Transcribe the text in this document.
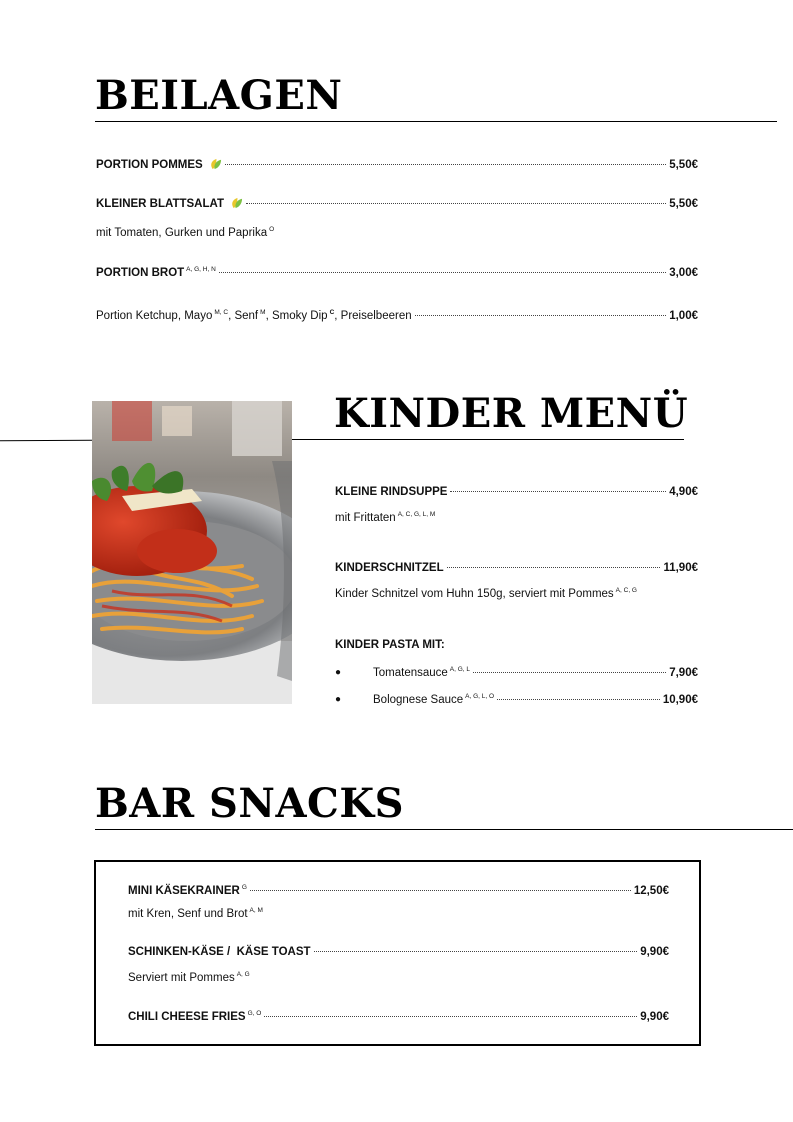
BEILAGEN
PORTION POMMES	5,50€
KLEINER BLATTSALAT	5,50€
mit Tomaten, Gurken und Paprika $^O$
PORTION BROT $^{A, G, H, N}$	3,00€
Portion Ketchup, Mayo $^{M, C}$, Senf $^M$, Smoky Dip $^C$, Preiselbeeren	1,00€
KINDER MENÜ
KLEINE RINDSUPPE	4,90€
mit Frittaten $^{A, C, G, L, M}$
KINDERSCHNITZEL	11,90€
Kinder Schnitzel vom Huhn 150g, serviert mit Pommes $^{A, C, G}$
KINDER PASTA MIT:
●	Tomatensauce $^{A, G, L}$	7,90€
●	Bolognese Sauce $^{A, G, L, O}$	10,90€
BAR SNACKS
MINI KÄSEKRAINER $^G$	12,50€
mit Kren, Senf und Brot $^{A, M}$
SCHINKEN-KÄSE /  KÄSE TOAST	9,90€
Serviert mit Pommes $^{A, G}$
CHILI CHEESE FRIES $^{G, O}$	9,90€
